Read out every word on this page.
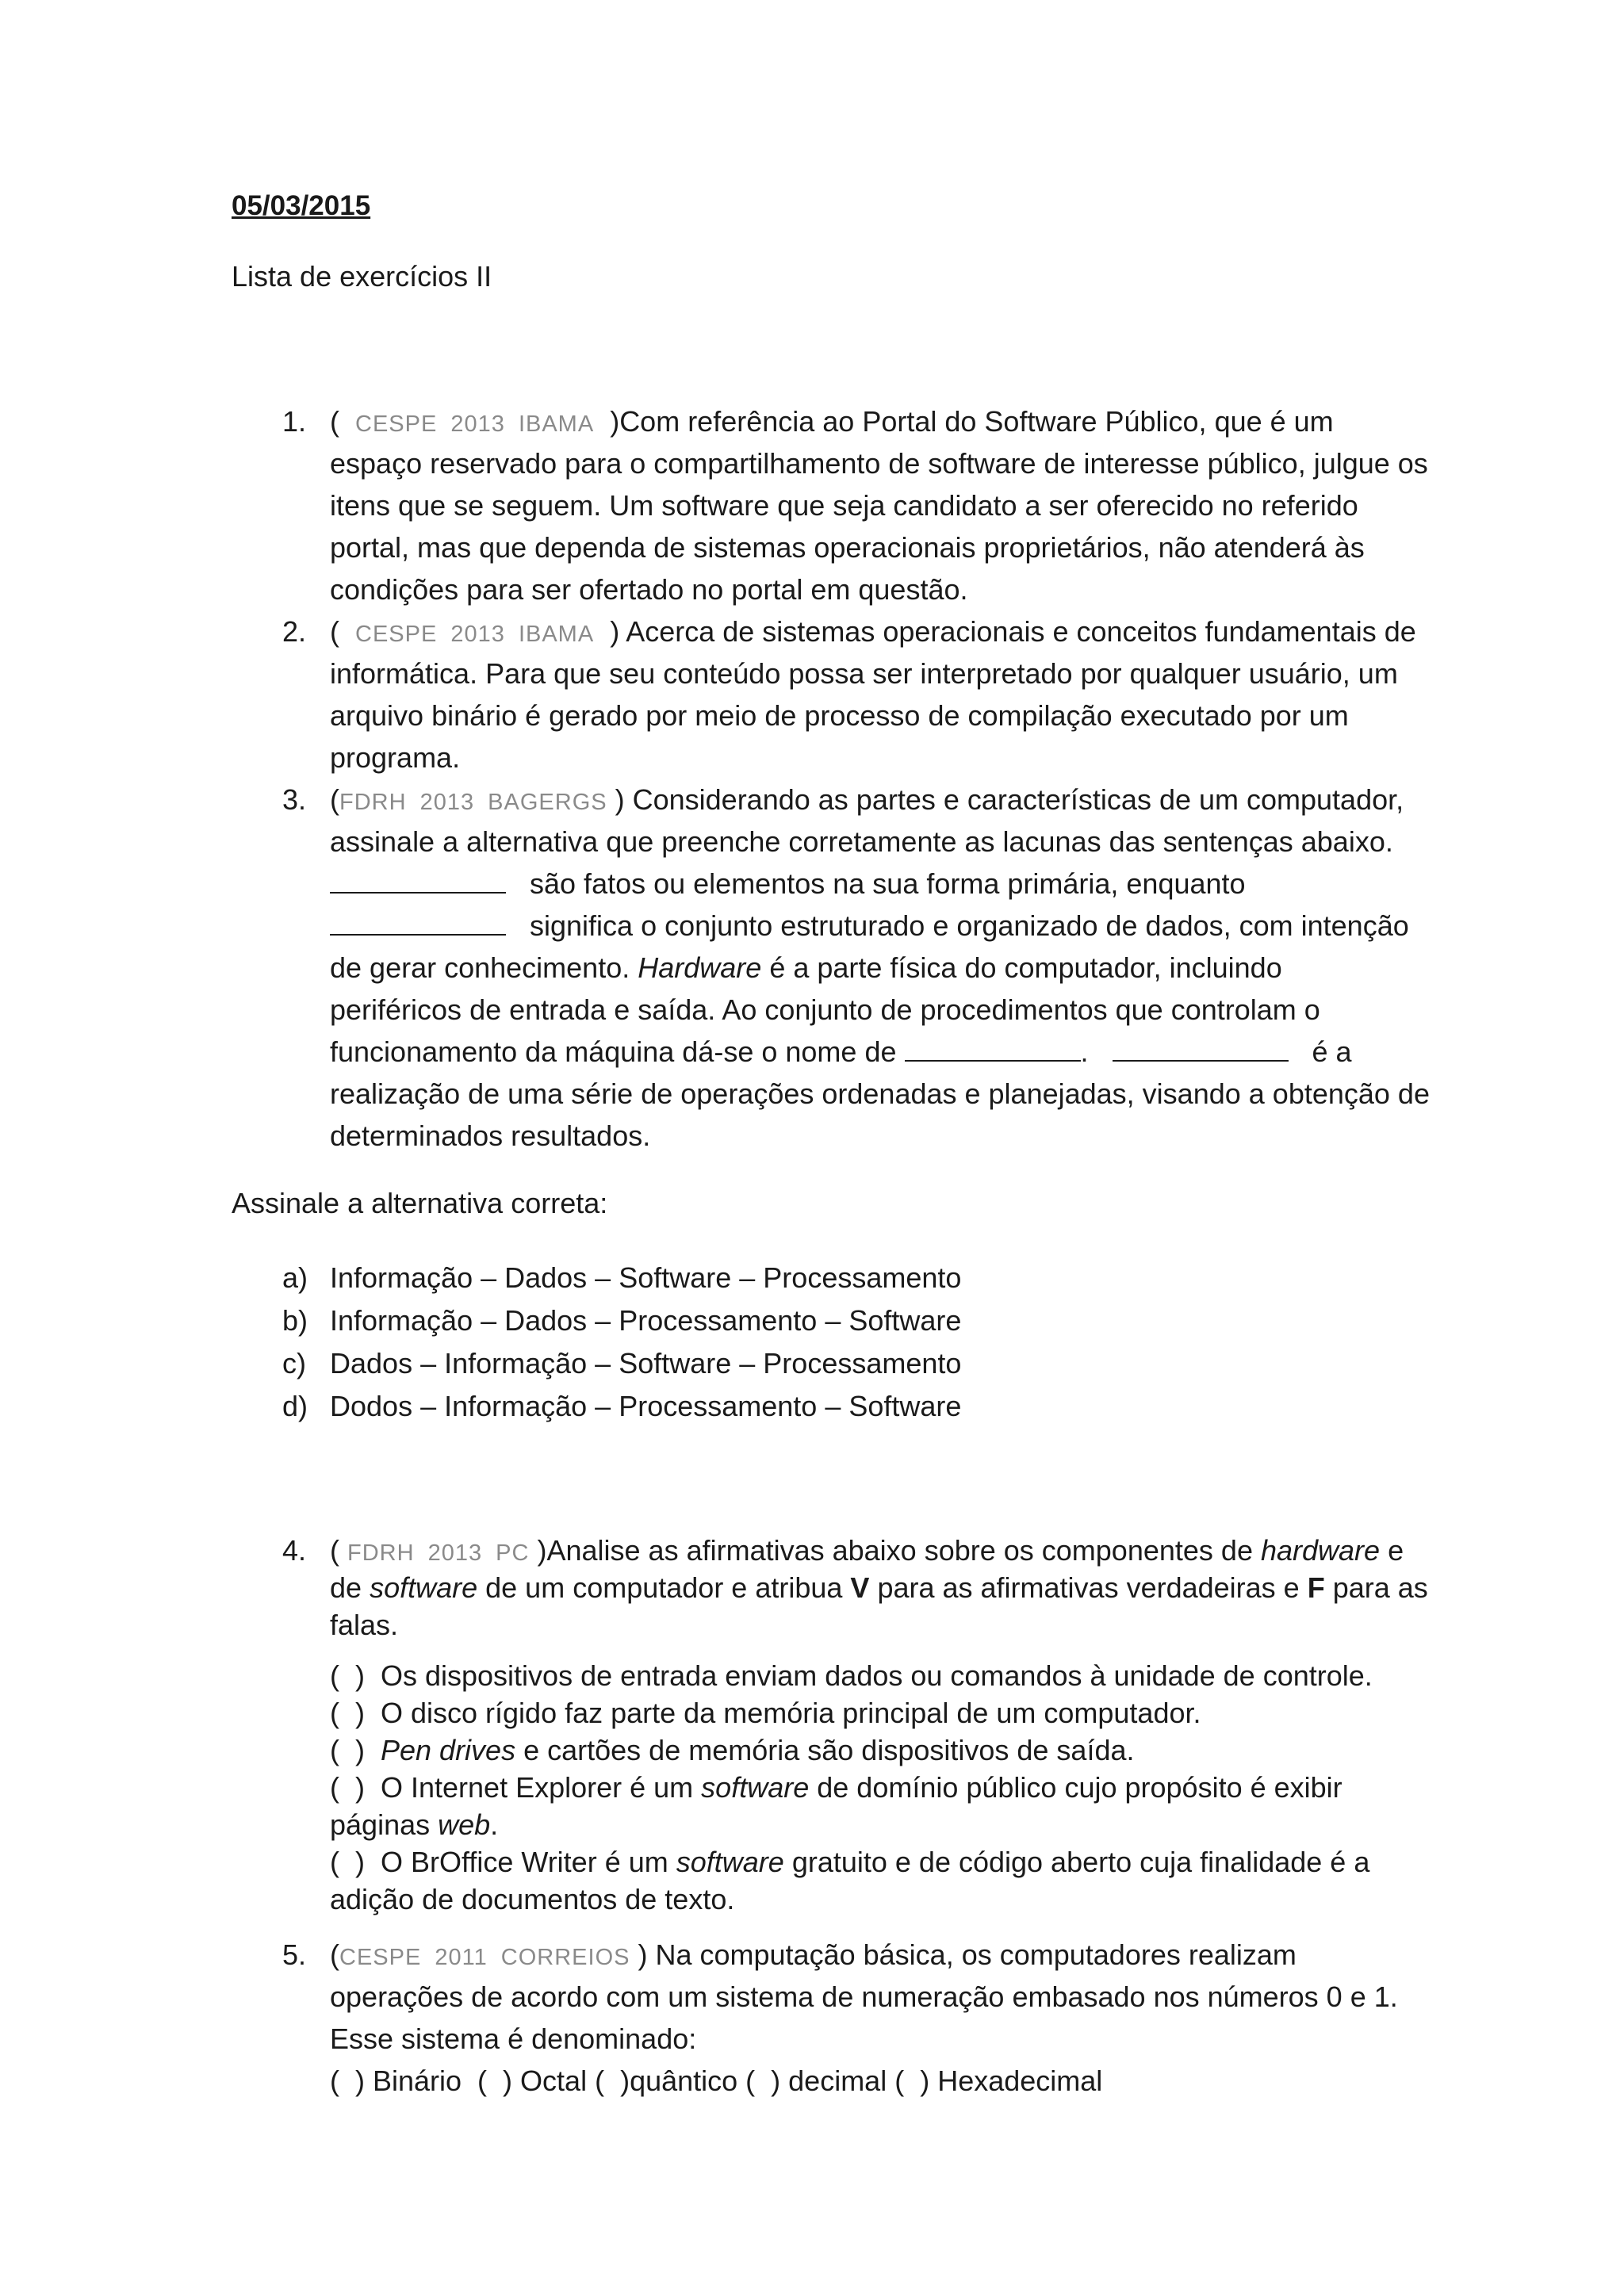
05/03/2015
Lista de exercícios II
1. (  CESPE 2013 IBAMA  )Com referência ao Portal do Software Público, que é um
espaço reservado para o compartilhamento de software de interesse público, julgue os
itens que se seguem. Um software que seja candidato a ser oferecido no referido
portal, mas que dependa de sistemas operacionais proprietários, não atenderá às
condições para ser ofertado no portal em questão.
2. (  CESPE 2013 IBAMA  ) Acerca de sistemas operacionais e conceitos fundamentais de
informática. Para que seu conteúdo possa ser interpretado por qualquer usuário, um
arquivo binário é gerado por meio de processo de compilação executado por um
programa.
3. (FDRH 2013 BAGERGS ) Considerando as partes e características de um computador,
assinale a alternativa que preenche corretamente as lacunas das sentenças abaixo.
são fatos ou elementos na sua forma primária, enquanto
significa o conjunto estruturado e organizado de dados, com intenção
de gerar conhecimento. Hardware é a parte física do computador, incluindo
periféricos de entrada e saída. Ao conjunto de procedimentos que controlam o
funcionamento da máquina dá-se o nome de	.	é a
realização de uma série de operações ordenadas e planejadas, visando a obtenção de
determinados resultados.
Assinale a alternativa correta:
a) Informação – Dados – Software – Processamento
b) Informação – Dados – Processamento – Software
c) Dados – Informação – Software – Processamento
d) Dodos – Informação – Processamento – Software
4. ( FDRH 2013 PC )Analise as afirmativas abaixo sobre os componentes de hardware e
de software de um computador e atribua V para as afirmativas verdadeiras e F para as
falas.
(  )  Os dispositivos de entrada enviam dados ou comandos à unidade de controle.
(  )  O disco rígido faz parte da memória principal de um computador.
(  )  Pen drives e cartões de memória são dispositivos de saída.
(  )  O Internet Explorer é um software de domínio público cujo propósito é exibir
páginas web.
(  )  O BrOffice Writer é um software gratuito e de código aberto cuja finalidade é a
adição de documentos de texto.
5. (CESPE 2011 CORREIOS ) Na computação básica, os computadores realizam
operações de acordo com um sistema de numeração embasado nos números 0 e 1.
Esse sistema é denominado:
(  ) Binário  (  ) Octal (  )quântico (  ) decimal (  ) Hexadecimal
